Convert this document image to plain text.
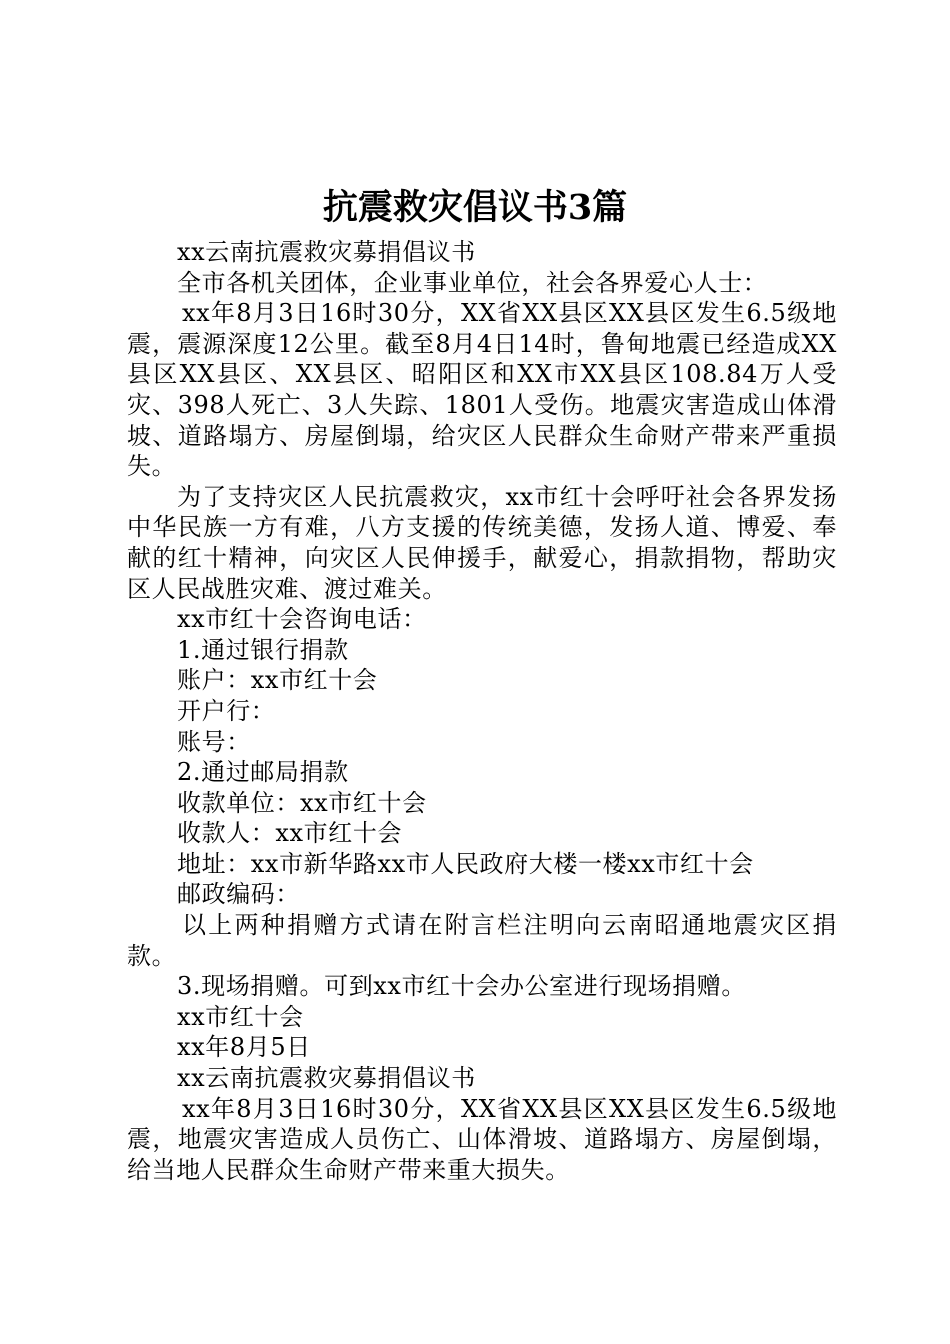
抗震救灾倡议书3篇

xx云南抗震救灾募捐倡议书

全市各机关团体，企业事业单位，社会各界爱心人士：

xx年8月3日16时30分，XX省XX县区XX县区发生6.5级地震，震源深度12公里。截至8月4日14时，鲁甸地震已经造成XX县区XX县区、XX县区、昭阳区和XX市XX县区108.84万人受灾、398人死亡、3人失踪、1801人受伤。地震灾害造成山体滑坡、道路塌方、房屋倒塌，给灾区人民群众生命财产带来严重损失。

为了支持灾区人民抗震救灾，xx市红十会呼吁社会各界发扬中华民族一方有难，八方支援的传统美德，发扬人道、博爱、奉献的红十精神，向灾区人民伸援手，献爱心，捐款捐物，帮助灾区人民战胜灾难、渡过难关。

xx市红十会咨询电话：

1.通过银行捐款

账户：xx市红十会

开户行：

账号：

2.通过邮局捐款

收款单位：xx市红十会

收款人：xx市红十会

地址：xx市新华路xx市人民政府大楼一楼xx市红十会

邮政编码：

以上两种捐赠方式请在附言栏注明向云南昭通地震灾区捐款。

3.现场捐赠。可到xx市红十会办公室进行现场捐赠。

xx市红十会

xx年8月5日

xx云南抗震救灾募捐倡议书

xx年8月3日16时30分，XX省XX县区XX县区发生6.5级地震，地震灾害造成人员伤亡、山体滑坡、道路塌方、房屋倒塌，给当地人民群众生命财产带来重大损失。
